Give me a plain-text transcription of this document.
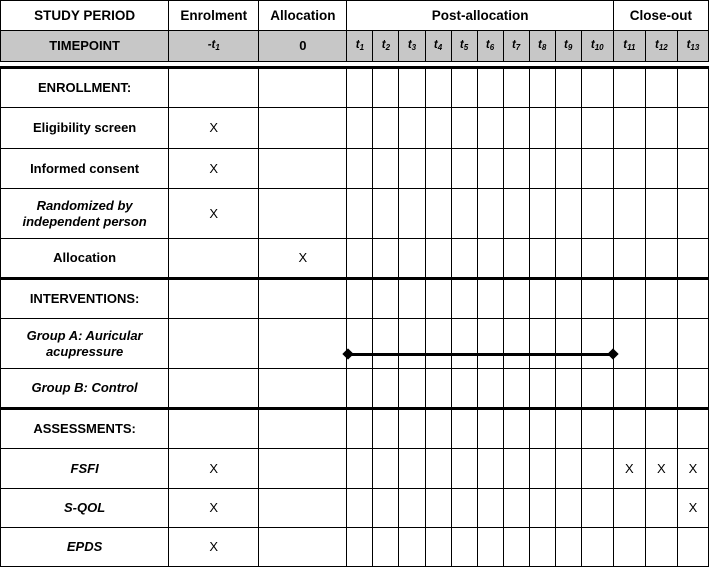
STUDY PERIOD	Enrolment	Allocation	Post-allocation										Close-out		
TIMEPOINT	$-t_1$	0	$t_1$	$t_2$	$t_3$	$t_4$	$t_5$	$t_6$	$t_7$	$t_8$	$t_9$	$t_{10}$	$t_{11}$	$t_{12}$	$t_{13}$

ENROLLMENT:															
Eligibility screen	X														
Informed consent	X														
Randomized by independent person	X														
Allocation		X													
INTERVENTIONS:															
Group A: Auricular acupressure															
Group B: Control															
ASSESSMENTS:															
FSFI	X												X	X	X
S-QOL	X														X
EPDS	X														
